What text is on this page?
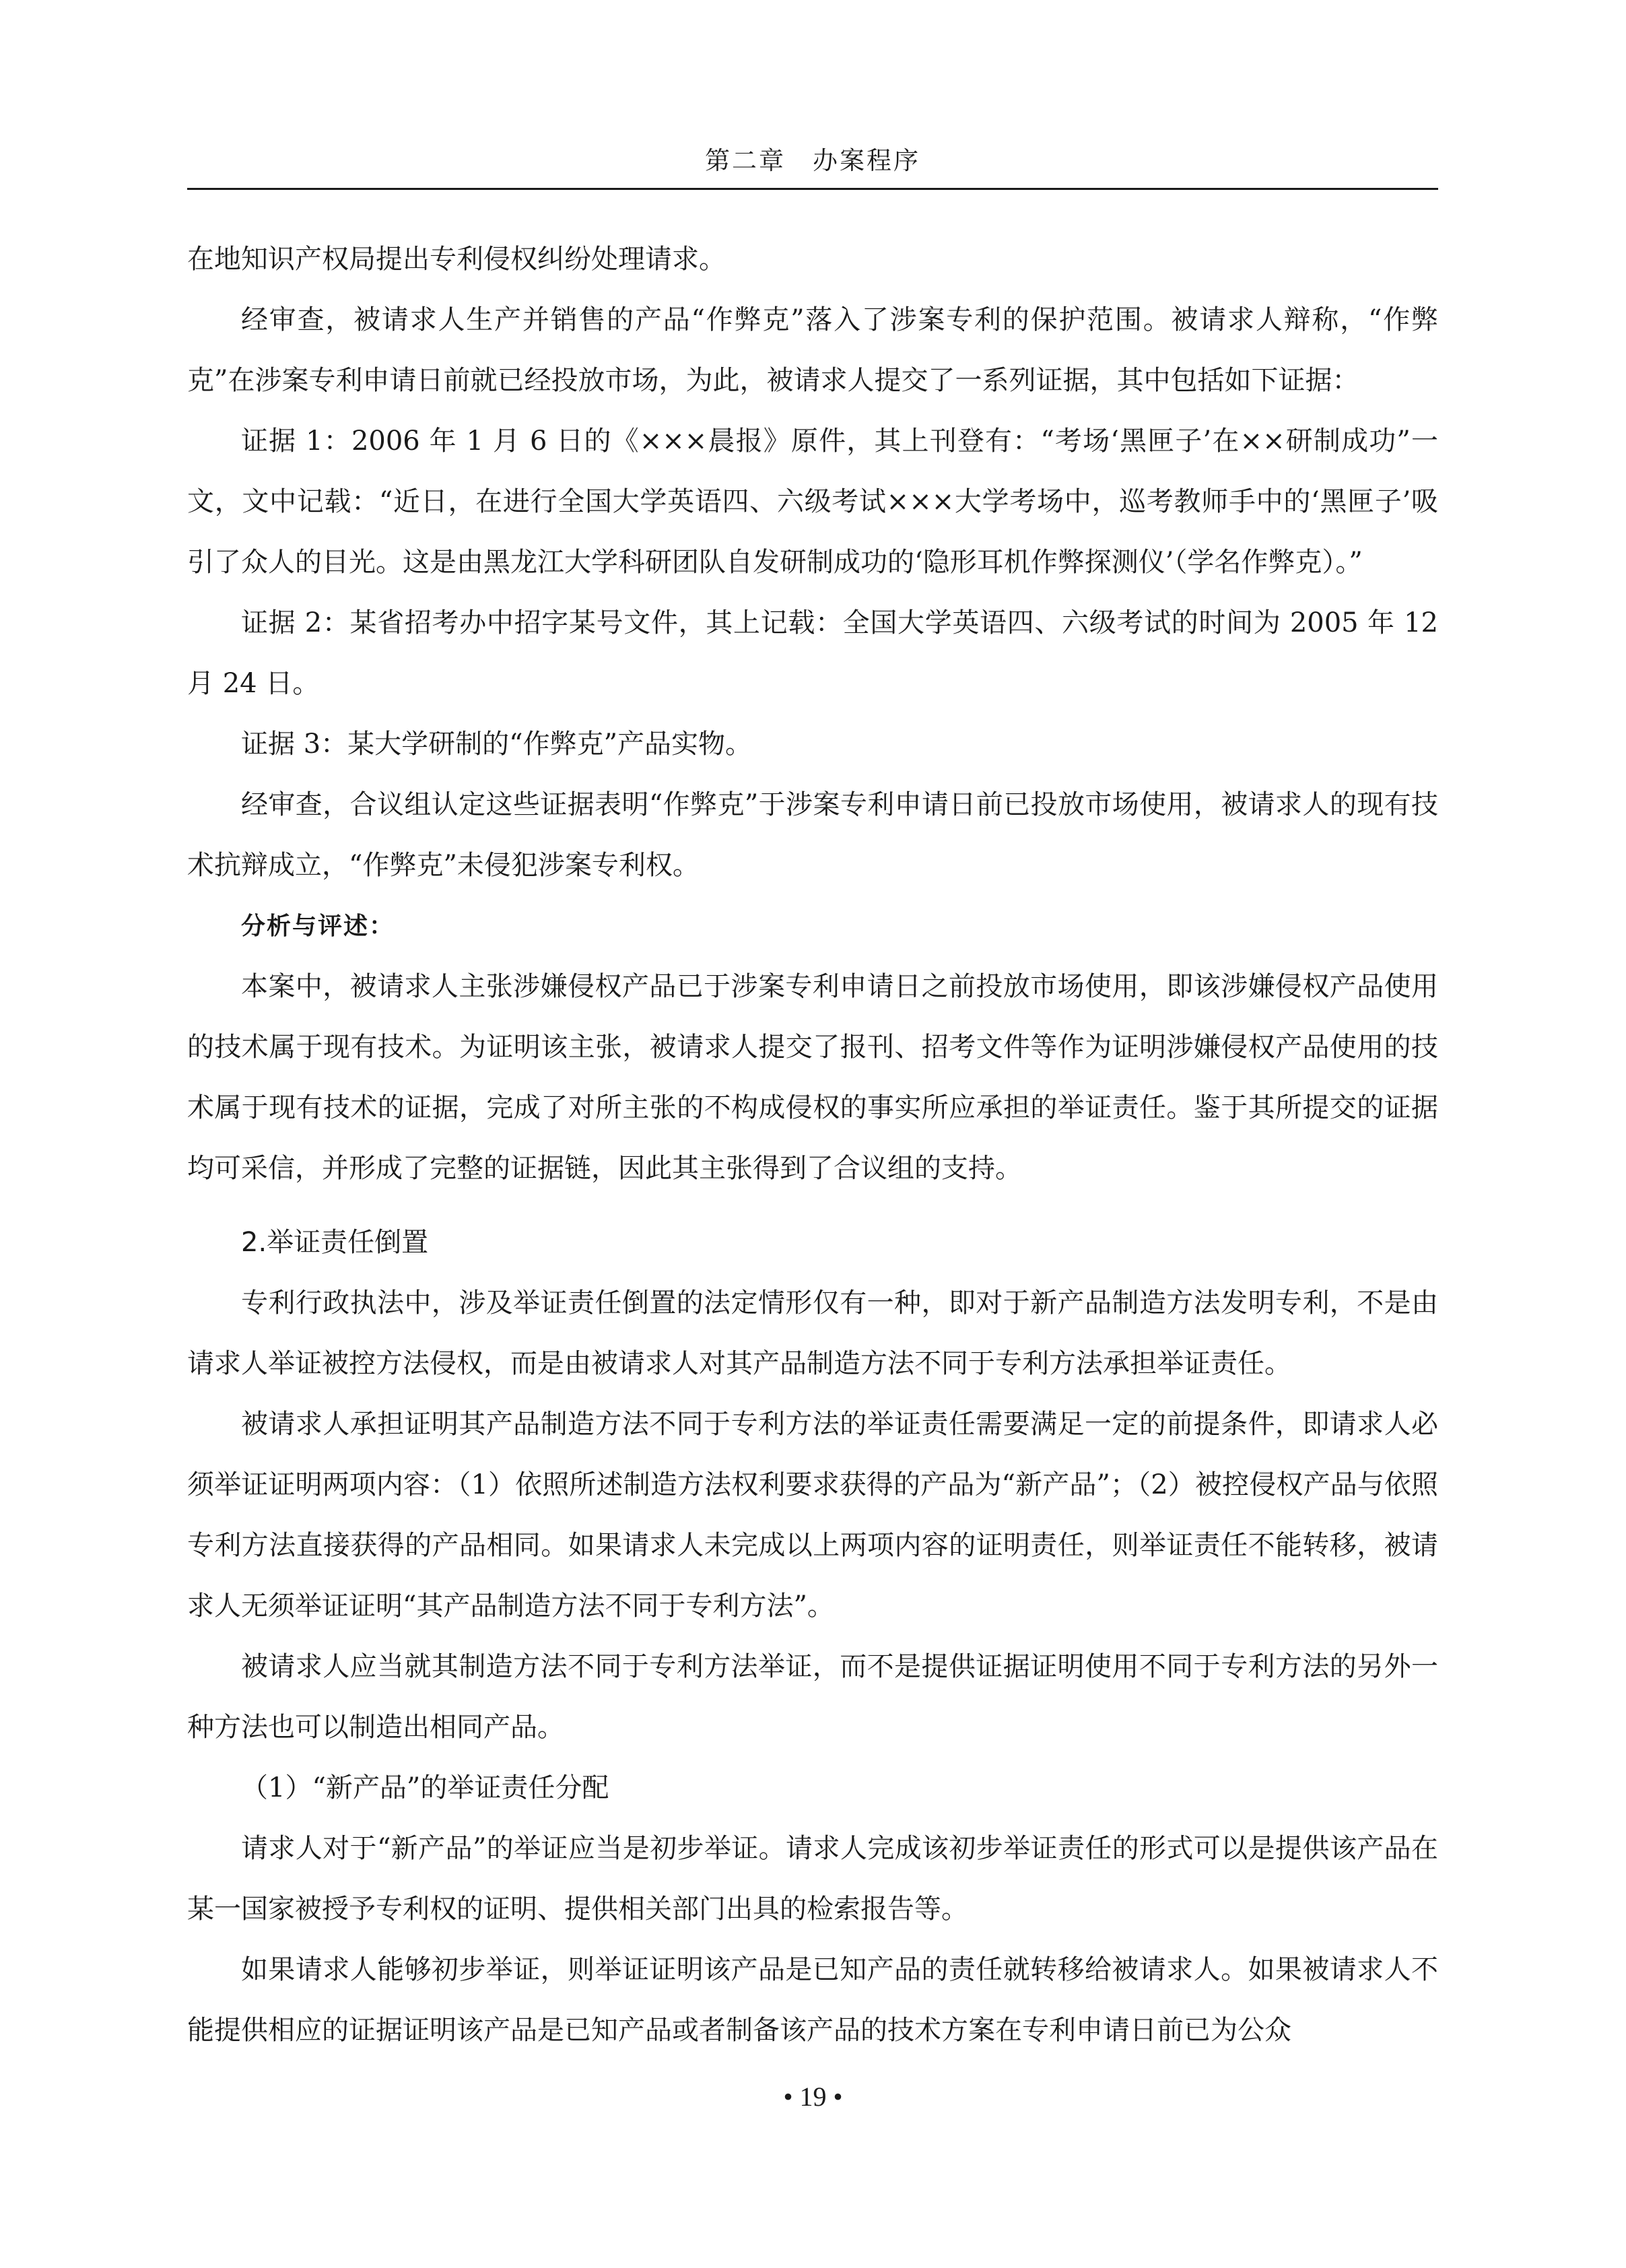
第二章　办案程序

在地知识产权局提出专利侵权纠纷处理请求。

经审查，被请求人生产并销售的产品“作弊克”落入了涉案专利的保护范围。被请求人辩称，“作弊克”在涉案专利申请日前就已经投放市场，为此，被请求人提交了一系列证据，其中包括如下证据：

证据 1：2006 年 1 月 6 日的《×××晨报》原件，其上刊登有：“考场‘黑匣子’在××研制成功”一文，文中记载：“近日，在进行全国大学英语四、六级考试×××大学考场中，巡考教师手中的‘黑匣子’吸引了众人的目光。这是由黑龙江大学科研团队自发研制成功的‘隐形耳机作弊探测仪’（学名作弊克）。”

证据 2：某省招考办中招字某号文件，其上记载：全国大学英语四、六级考试的时间为 2005 年 12 月 24 日。

证据 3：某大学研制的“作弊克”产品实物。

经审查，合议组认定这些证据表明“作弊克”于涉案专利申请日前已投放市场使用，被请求人的现有技术抗辩成立，“作弊克”未侵犯涉案专利权。

分析与评述：

本案中，被请求人主张涉嫌侵权产品已于涉案专利申请日之前投放市场使用，即该涉嫌侵权产品使用的技术属于现有技术。为证明该主张，被请求人提交了报刊、招考文件等作为证明涉嫌侵权产品使用的技术属于现有技术的证据，完成了对所主张的不构成侵权的事实所应承担的举证责任。鉴于其所提交的证据均可采信，并形成了完整的证据链，因此其主张得到了合议组的支持。

2.举证责任倒置

专利行政执法中，涉及举证责任倒置的法定情形仅有一种，即对于新产品制造方法发明专利，不是由请求人举证被控方法侵权，而是由被请求人对其产品制造方法不同于专利方法承担举证责任。

被请求人承担证明其产品制造方法不同于专利方法的举证责任需要满足一定的前提条件，即请求人必须举证证明两项内容：（1）依照所述制造方法权利要求获得的产品为“新产品”；（2）被控侵权产品与依照专利方法直接获得的产品相同。如果请求人未完成以上两项内容的证明责任，则举证责任不能转移，被请求人无须举证证明“其产品制造方法不同于专利方法”。

被请求人应当就其制造方法不同于专利方法举证，而不是提供证据证明使用不同于专利方法的另外一种方法也可以制造出相同产品。

（1）“新产品”的举证责任分配

请求人对于“新产品”的举证应当是初步举证。请求人完成该初步举证责任的形式可以是提供该产品在某一国家被授予专利权的证明、提供相关部门出具的检索报告等。

如果请求人能够初步举证，则举证证明该产品是已知产品的责任就转移给被请求人。如果被请求人不能提供相应的证据证明该产品是已知产品或者制备该产品的技术方案在专利申请日前已为公众

• 19 •
